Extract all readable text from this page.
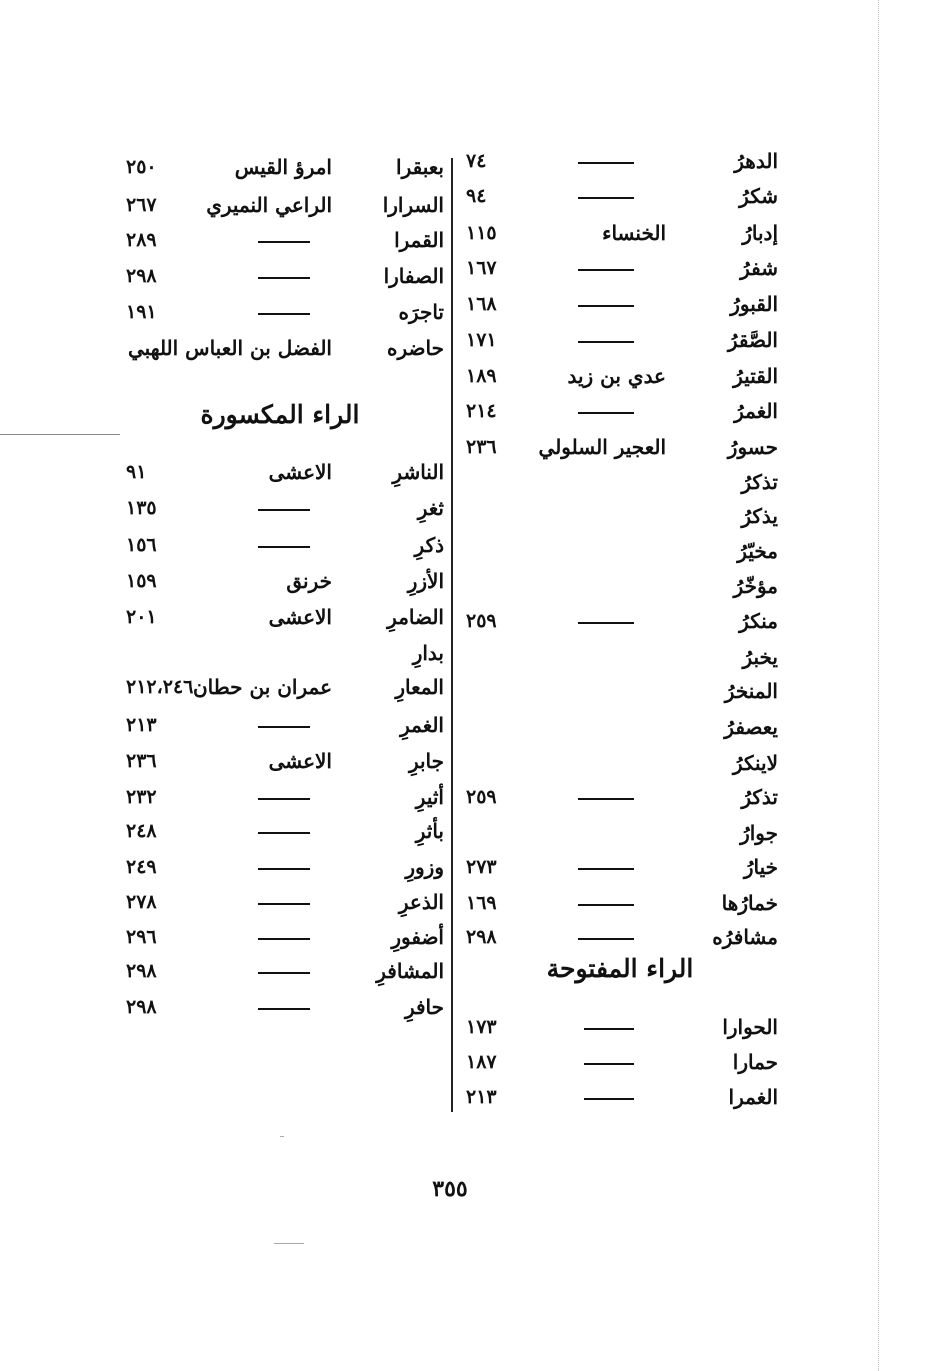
الدهرُ
٧٤
شكرُ
٩٤
إدبارُ
الخنساء
١١٥
شفرُ
١٦٧
القبورُ
١٦٨
الصَّقرُ
١٧١
القتيرُ
عدي بن زيد
١٨٩
الغمرُ
٢١٤
حسورُ
العجير السلولي
٢٣٦
تذكرُ
يذكرُ
مخيّرُ
مؤخّرُ
منكرُ
٢٥٩
يخبرُ
المنخرُ
يعصفرُ
لاينكرُ
تذكرُ
٢٥٩
جوارُ
خيارُ
٢٧٣
خمارُها
١٦٩
مشافرُه
٢٩٨
الحوارا
١٧٣
حمارا
١٨٧
الغمرا
٢١٣
بعبقرا
امرؤ القيس
٢٥٠
السرارا
الراعي النميري
٢٦٧
القمرا
٢٨٩
الصفارا
٢٩٨
تاجرَه
١٩١
حاضره
الفضل بن العباس اللهبي
الناشرِ
الاعشى
٩١
ثغرِ
١٣٥
ذكرِ
١٥٦
الأزرِ
خرنق
١٥٩
الضامرِ
الاعشى
٢٠١
بدارِ
المعارِ
عمران بن حطان
٢١٢،٢٤٦
الغمرِ
٢١٣
جابرِ
الاعشى
٢٣٦
أثيرِ
٢٣٢
بأثرِ
٢٤٨
وزورِ
٢٤٩
الذعرِ
٢٧٨
أضفورِ
٢٩٦
المشافرِ
٢٩٨
حافرِ
٢٩٨
الراء المكسورة
الراء المفتوحة
٣٥٥
